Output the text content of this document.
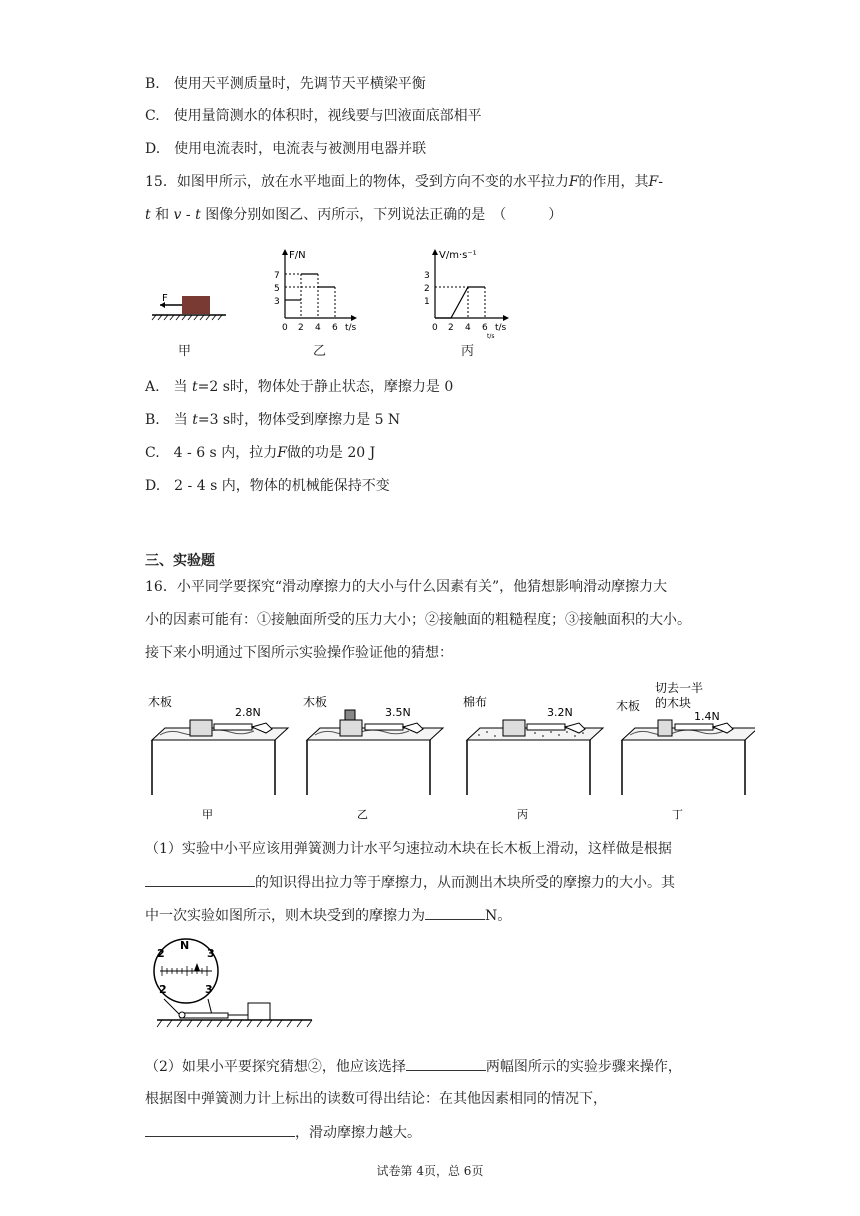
B.　使用天平测质量时，先调节天平横梁平衡
C.　使用量筒测水的体积时，视线要与凹液面底部相平
D.　使用电流表时，电流表与被测用电器并联
15．如图甲所示，放在水平地面上的物体，受到方向不变的水平拉力F的作用，其F-
t 和 v - t 图像分别如图乙、丙所示，下列说法正确的是　（　　　）
F
甲
F/N
t/s
7
5
3
0 2 4 6
乙
V/m·s⁻¹
t/s
t/s
3
2
1
0 2 4 6
丙
A.　当 t=2 s时，物体处于静止状态，摩擦力是 0
B.　当 t=3 s时，物体受到摩擦力是 5 N
C.　4 - 6 s 内，拉力F做的功是 20 J
D.　2 - 4 s 内，物体的机械能保持不变
三、实验题
16．小平同学要探究“滑动摩擦力的大小与什么因素有关”，他猜想影响滑动摩擦力大
小的因素可能有：①接触面所受的压力大小；②接触面的粗糙程度；③接触面积的大小。
接下来小明通过下图所示实验操作验证他的猜想：
木板
2.8N
甲
木板
3.5N
乙
棉布
3.2N
丙
木板
切去一半
的木块
1.4N
丁
（1）实验中小平应该用弹簧测力计水平匀速拉动木块在长木板上滑动，这样做是根据
的知识得出拉力等于摩擦力，从而测出木块所受的摩擦力的大小。其
中一次实验如图所示，则木块受到的摩擦力为	N。
N
2	3
2	3
（2）如果小平要探究猜想②，他应该选择	两幅图所示的实验步骤来操作，
根据图中弹簧测力计上标出的读数可得出结论：在其他因素相同的情况下，
，滑动摩擦力越大。
试卷第 4页，总 6页
